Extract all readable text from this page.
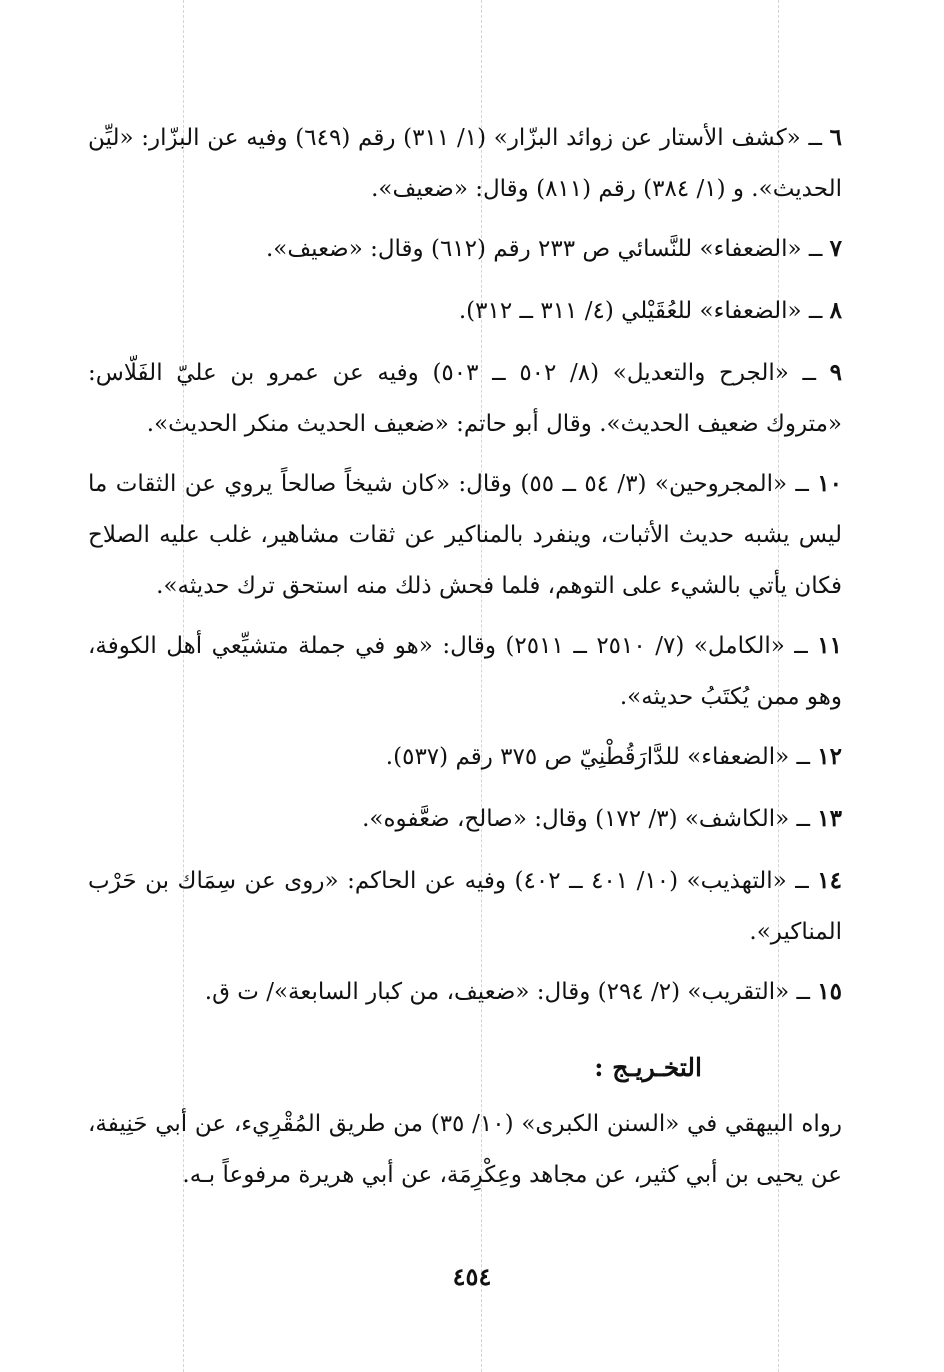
٦ ــ «كشف الأستار عن زوائد البزّار» (١/ ٣١١) رقم (٦٤٩) وفيه عن البزّار: «ليِّن الحديث». و (١/ ٣٨٤) رقم (٨١١) وقال: «ضعيف».

٧ ــ «الضعفاء» للنَّسائي ص ٢٣٣ رقم (٦١٢) وقال: «ضعيف».

٨ ــ «الضعفاء» للعُقَيْلي (٤/ ٣١١ ــ ٣١٢).

٩ ــ «الجرح والتعديل» (٨/ ٥٠٢ ــ ٥٠٣) وفيه عن عمرو بن عليّ الفَلّاس: «متروك ضعيف الحديث». وقال أبو حاتم: «ضعيف الحديث منكر الحديث».

١٠ ــ «المجروحين» (٣/ ٥٤ ــ ٥٥) وقال: «كان شيخاً صالحاً يروي عن الثقات ما ليس يشبه حديث الأثبات، وينفرد بالمناكير عن ثقات مشاهير، غلب عليه الصلاح فكان يأتي بالشيء على التوهم، فلما فحش ذلك منه استحق ترك حديثه».

١١ ــ «الكامل» (٧/ ٢٥١٠ ــ ٢٥١١) وقال: «هو في جملة متشيِّعي أهل الكوفة، وهو ممن يُكتَبُ حديثه».

١٢ ــ «الضعفاء» للدَّارَقُطْنِيّ ص ٣٧٥ رقم (٥٣٧).

١٣ ــ «الكاشف» (٣/ ١٧٢) وقال: «صالح، ضعَّفوه».

١٤ ــ «التهذيب» (١٠/ ٤٠١ ــ ٤٠٢) وفيه عن الحاكم: «روى عن سِمَاك بن حَرْب المناكير».

١٥ ــ «التقريب» (٢/ ٢٩٤) وقال: «ضعيف، من كبار السابعة»/ ت ق.

التخـريـج :

رواه البيهقي في «السنن الكبرى» (١٠/ ٣٥) من طريق المُقْرِيء، عن أبي حَنِيفة، عن يحيى بن أبي كثير، عن مجاهد وعِكْرِمَة، عن أبي هريرة مرفوعاً بـه.

٤٥٤
